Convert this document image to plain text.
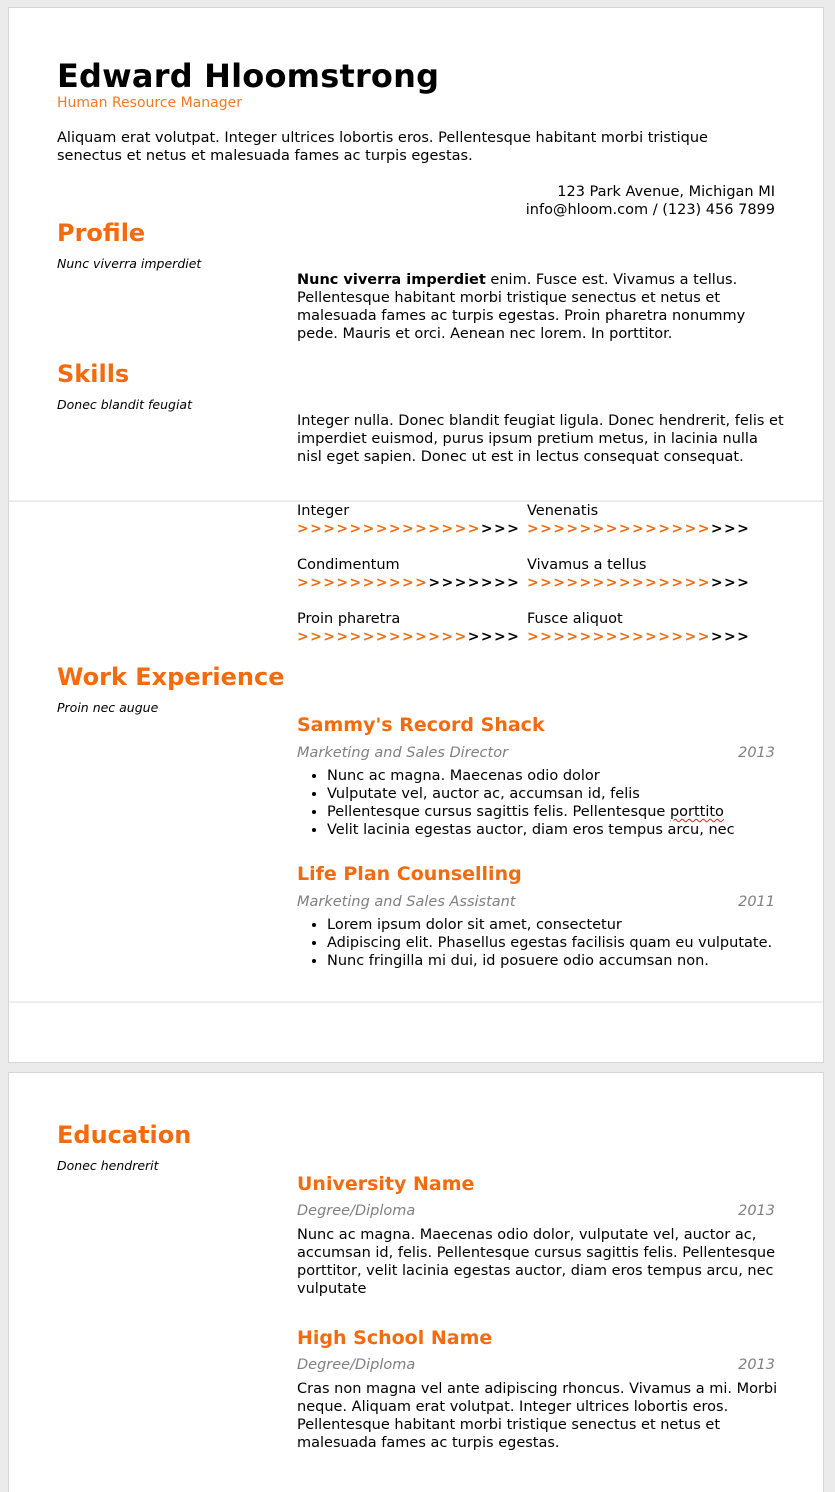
Edward Hloomstrong
Human Resource Manager
Aliquam erat volutpat. Integer ultrices lobortis eros. Pellentesque habitant morbi tristique
senectus et netus et malesuada fames ac turpis egestas.
123 Park Avenue, Michigan MI
info@hloom.com / (123) 456 7899
Profile
Nunc viverra imperdiet
Nunc viverra imperdiet enim. Fusce est. Vivamus a tellus. Pellentesque habitant morbi tristique senectus et netus et malesuada fames ac turpis egestas. Proin pharetra nonummy pede. Mauris et orci. Aenean nec lorem. In porttitor.
Skills
Donec blandit feugiat
Integer nulla. Donec blandit feugiat ligula. Donec hendrerit, felis et imperdiet euismod, purus ipsum pretium metus, in lacinia nulla nisl eget sapien. Donec ut est in lectus consequat consequat.
Integer
>>>>>>>>>>>>>>>>>
Venenatis
>>>>>>>>>>>>>>>>>
Condimentum
>>>>>>>>>>>>>>>>>
Vivamus a tellus
>>>>>>>>>>>>>>>>>
Proin pharetra
>>>>>>>>>>>>>>>>>
Fusce aliquot
>>>>>>>>>>>>>>>>>
Work Experience
Proin nec augue
Sammy's Record Shack
Marketing and Sales Director	2013
• Nunc ac magna. Maecenas odio dolor
• Vulputate vel, auctor ac, accumsan id, felis
• Pellentesque cursus sagittis felis. Pellentesque porttito
• Velit lacinia egestas auctor, diam eros tempus arcu, nec
Life Plan Counselling
Marketing and Sales Assistant	2011
• Lorem ipsum dolor sit amet, consectetur
• Adipiscing elit. Phasellus egestas facilisis quam eu vulputate.
• Nunc fringilla mi dui, id posuere odio accumsan non.
Education
Donec hendrerit
University Name
Degree/Diploma	2013
Nunc ac magna. Maecenas odio dolor, vulputate vel, auctor ac, accumsan id, felis. Pellentesque cursus sagittis felis. Pellentesque porttitor, velit lacinia egestas auctor, diam eros tempus arcu, nec vulputate
High School Name
Degree/Diploma	2013
Cras non magna vel ante adipiscing rhoncus. Vivamus a mi. Morbi neque. Aliquam erat volutpat. Integer ultrices lobortis eros. Pellentesque habitant morbi tristique senectus et netus et malesuada fames ac turpis egestas.
